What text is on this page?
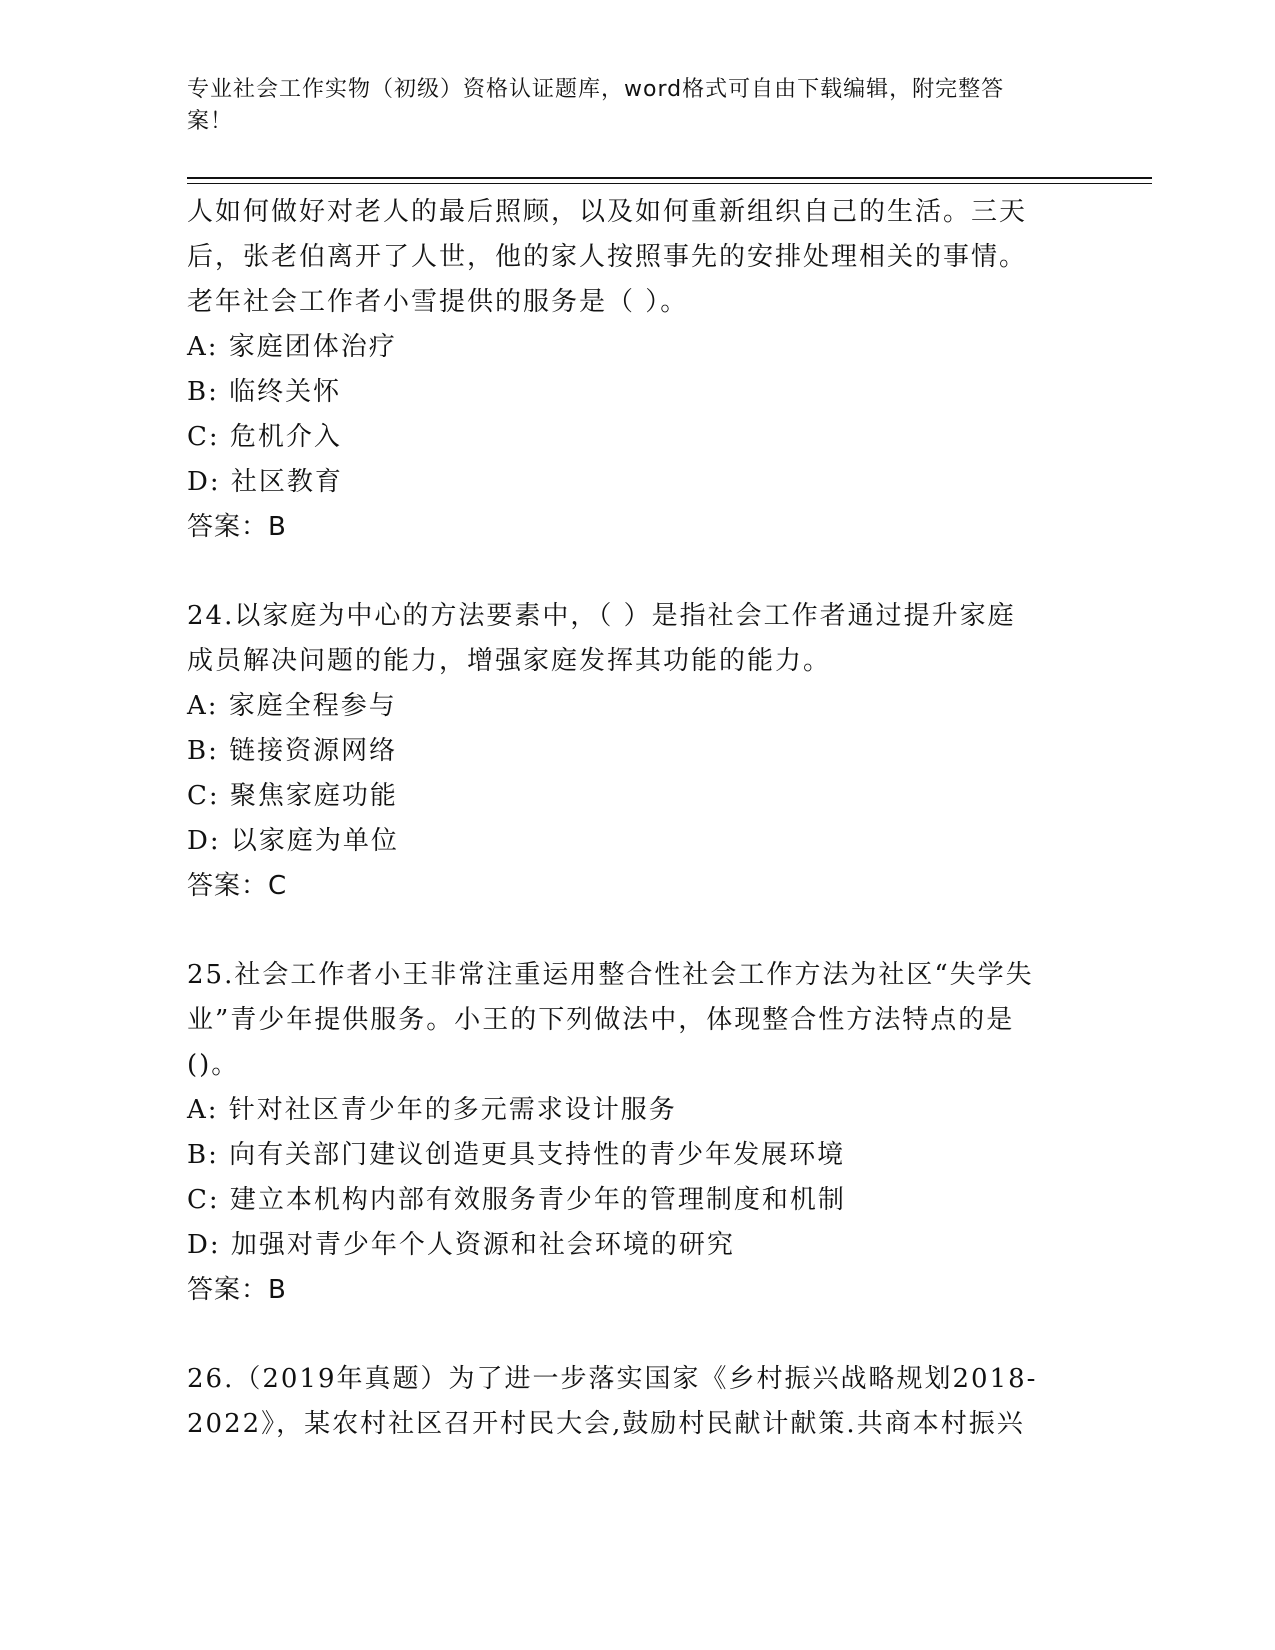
专业社会工作实物（初级）资格认证题库，word格式可自由下载编辑，附完整答
案！
人如何做好对老人的最后照顾，以及如何重新组织自己的生活。三天
后，张老伯离开了人世，他的家人按照事先的安排处理相关的事情。
老年社会工作者小雪提供的服务是（ ）。
A: 家庭团体治疗
B: 临终关怀
C: 危机介入
D: 社区教育
答案：B
24.以家庭为中心的方法要素中，（ ）是指社会工作者通过提升家庭
成员解决问题的能力，增强家庭发挥其功能的能力。
A: 家庭全程参与
B: 链接资源网络
C: 聚焦家庭功能
D: 以家庭为单位
答案：C
25.社会工作者小王非常注重运用整合性社会工作方法为社区“失学失
业”青少年提供服务。小王的下列做法中，体现整合性方法特点的是
()。
A: 针对社区青少年的多元需求设计服务
B: 向有关部门建议创造更具支持性的青少年发展环境
C: 建立本机构内部有效服务青少年的管理制度和机制
D: 加强对青少年个人资源和社会环境的研究
答案：B
26.（2019年真题）为了进一步落实国家《乡村振兴战略规划2018-
2022》，某农村社区召开村民大会,鼓励村民献计献策.共商本村振兴
